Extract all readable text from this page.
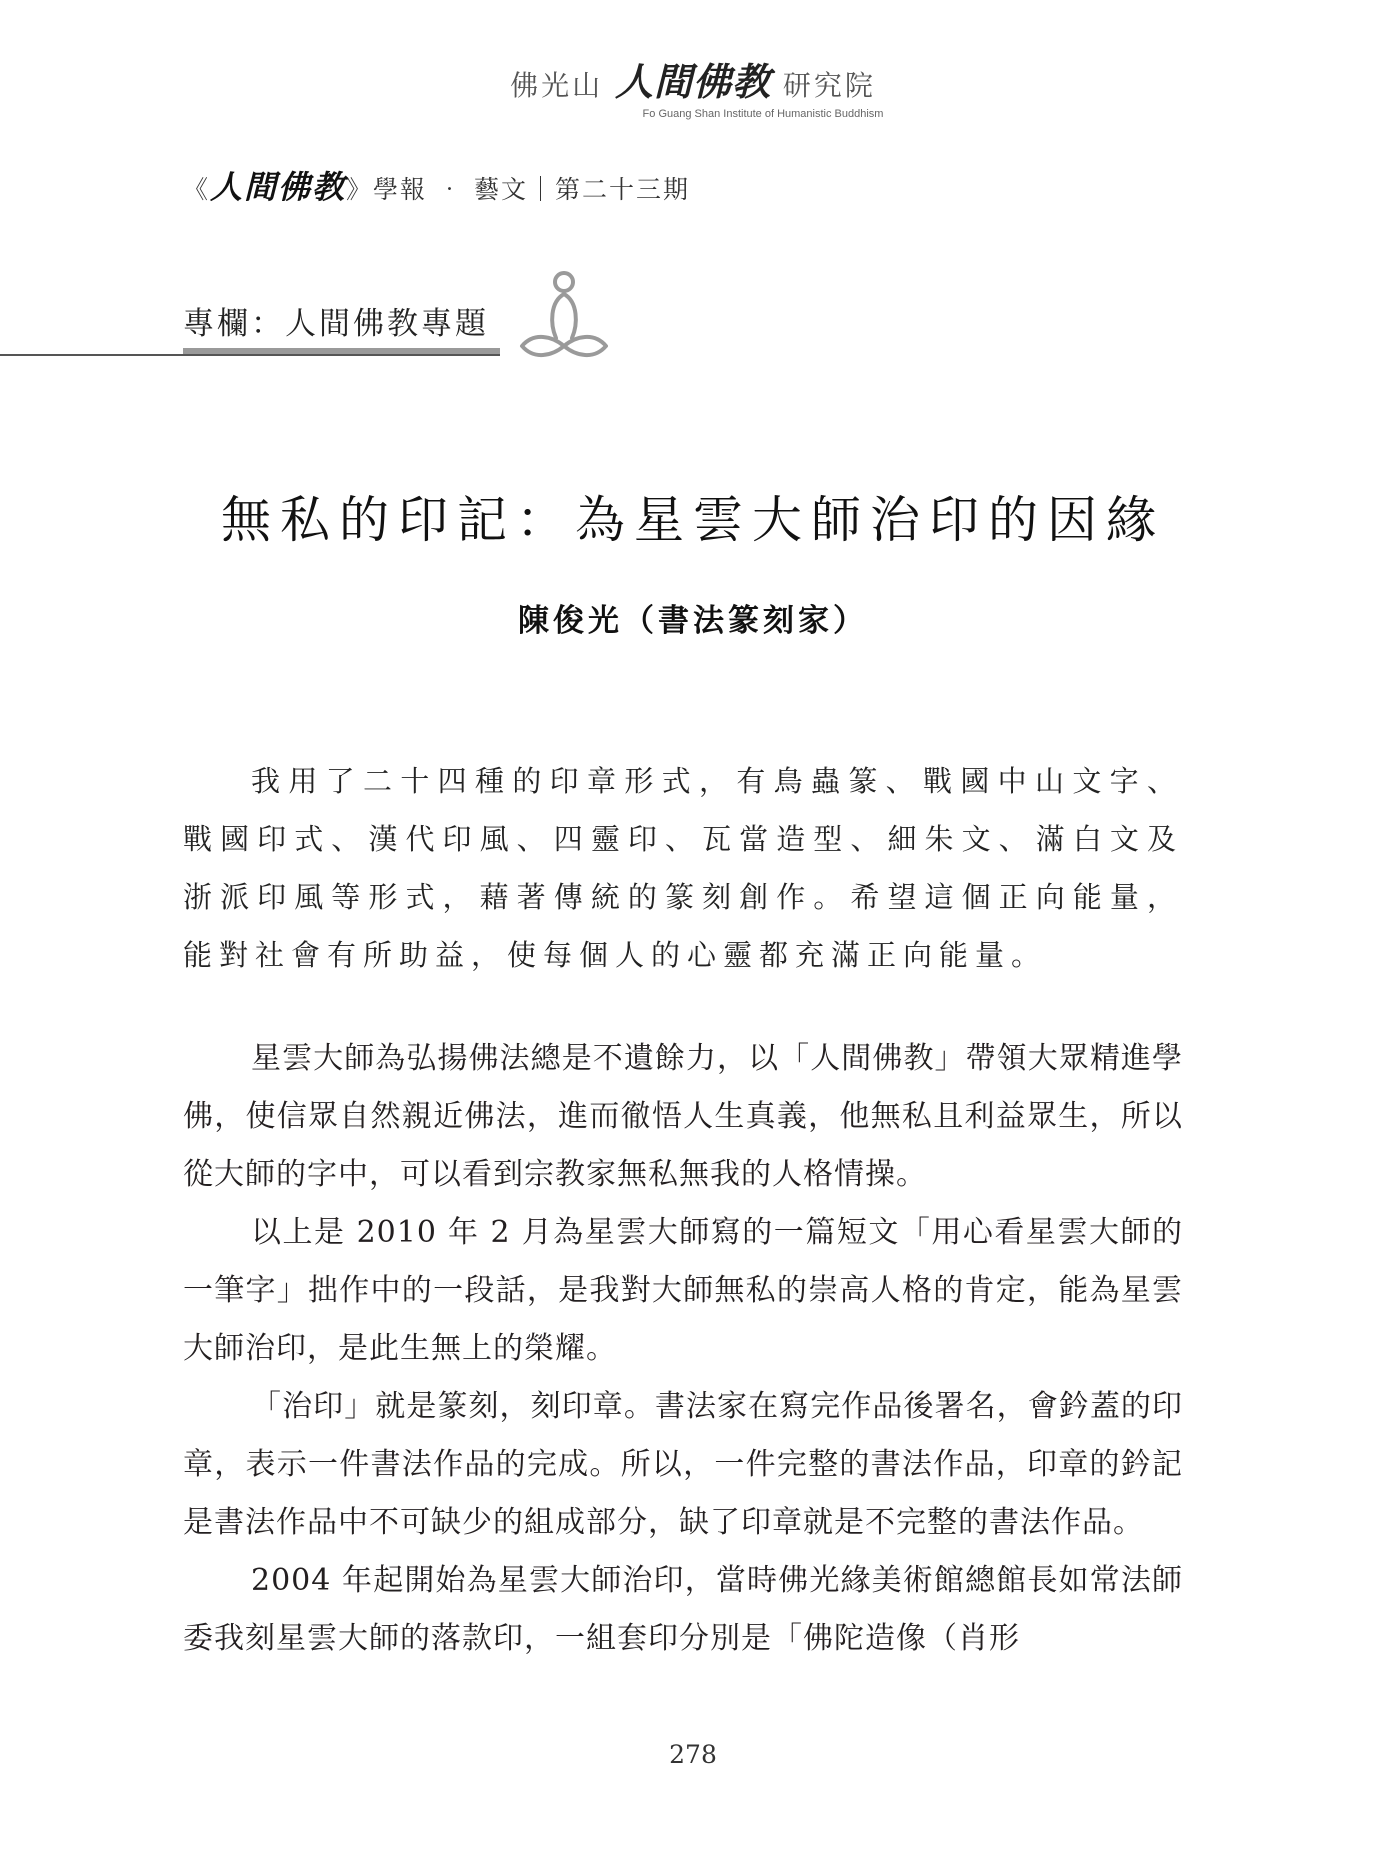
佛光山 人間佛教 研究院
Fo Guang Shan Institute of Humanistic Buddhism
《人間佛教》學報 ‧ 藝文｜第二十三期
專欄：人間佛教專題
無私的印記：為星雲大師治印的因緣
陳俊光（書法篆刻家）
我用了二十四種的印章形式，有鳥蟲篆、戰國中山文字、戰國印式、漢代印風、四靈印、瓦當造型、細朱文、滿白文及浙派印風等形式，藉著傳統的篆刻創作。希望這個正向能量，能對社會有所助益，使每個人的心靈都充滿正向能量。

星雲大師為弘揚佛法總是不遺餘力，以「人間佛教」帶領大眾精進學佛，使信眾自然親近佛法，進而徹悟人生真義，他無私且利益眾生，所以從大師的字中，可以看到宗教家無私無我的人格情操。

以上是 2010 年 2 月為星雲大師寫的一篇短文「用心看星雲大師的一筆字」拙作中的一段話，是我對大師無私的崇高人格的肯定，能為星雲大師治印，是此生無上的榮耀。

「治印」就是篆刻，刻印章。書法家在寫完作品後署名，會鈐蓋的印章，表示一件書法作品的完成。所以，一件完整的書法作品，印章的鈐記是書法作品中不可缺少的組成部分，缺了印章就是不完整的書法作品。

2004 年起開始為星雲大師治印，當時佛光緣美術館總館長如常法師委我刻星雲大師的落款印，一組套印分別是「佛陀造像（肖形

278
